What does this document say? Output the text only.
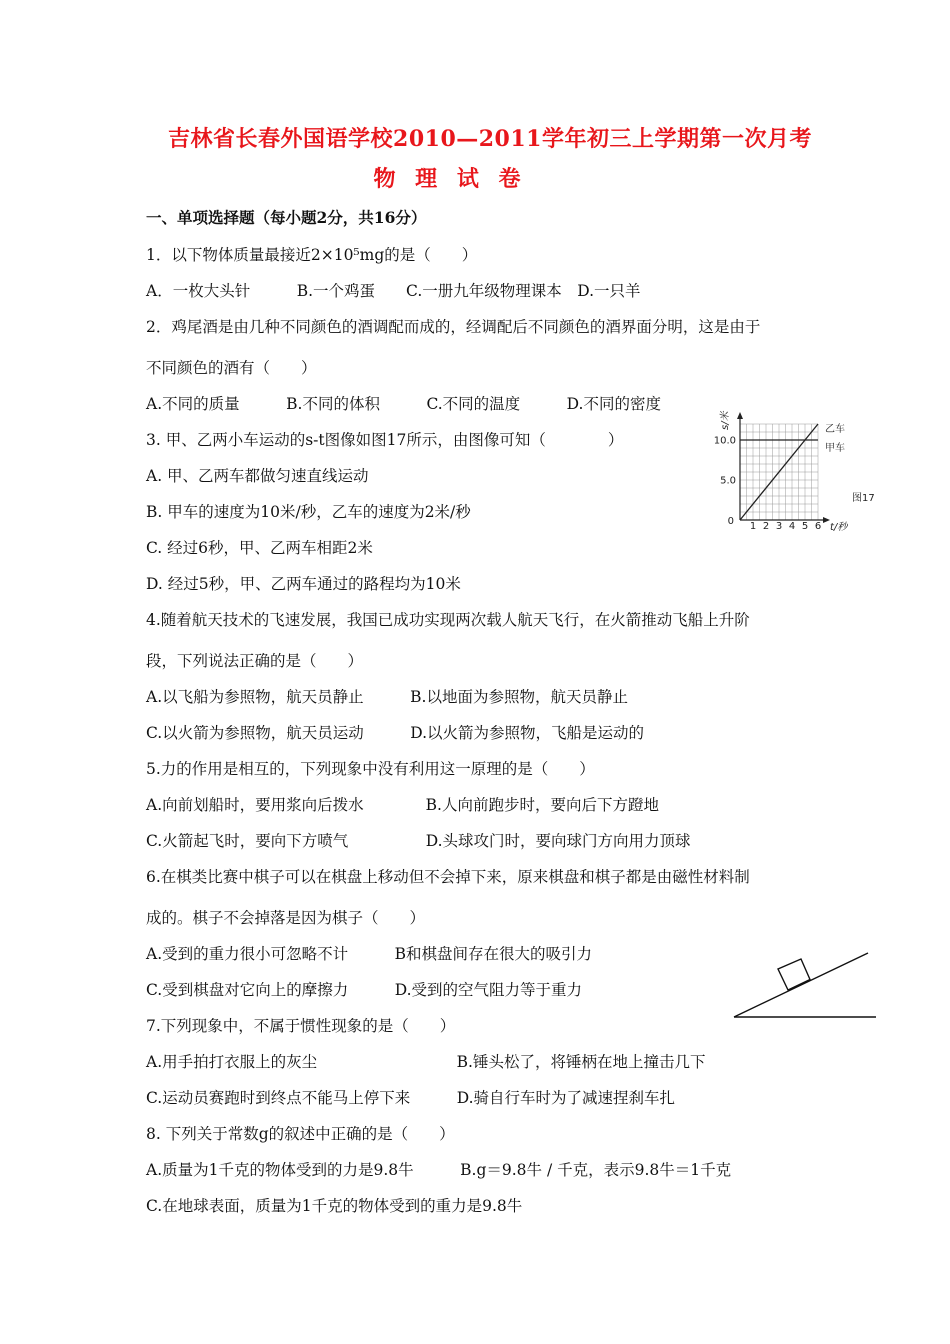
吉林省长春外国语学校2010—2011学年初三上学期第一次月考
物 理 试 卷
一、单项选择题（每小题2分，共16分）
1．以下物体质量最接近2×10⁵mg的是（　　）
A．一枚大头针　　　B.一个鸡蛋　　C.一册九年级物理课本　D.一只羊
2．鸡尾酒是由几种不同颜色的酒调配而成的，经调配后不同颜色的酒界面分明，这是由于
不同颜色的酒有（　　）
A.不同的质量　　　B.不同的体积　　　C.不同的温度　　　D.不同的密度
3. 甲、乙两小车运动的s-t图像如图17所示，由图像可知（　　　　）
A. 甲、乙两车都做匀速直线运动
B. 甲车的速度为10米/秒，乙车的速度为2米/秒
C. 经过6秒，甲、乙两车相距2米
D. 经过5秒，甲、乙两车通过的路程均为10米
4.随着航天技术的飞速发展，我国已成功实现两次载人航天飞行，在火箭推动飞船上升阶
段，下列说法正确的是（　　）
A.以飞船为参照物，航天员静止　　　B.以地面为参照物，航天员静止
C.以火箭为参照物，航天员运动　　　D.以火箭为参照物，飞船是运动的
5.力的作用是相互的，下列现象中没有利用这一原理的是（　　）
A.向前划船时，要用浆向后拨水　　　　B.人向前跑步时，要向后下方蹬地
C.火箭起飞时，要向下方喷气　　　　　D.头球攻门时，要向球门方向用力顶球
6.在棋类比赛中棋子可以在棋盘上移动但不会掉下来，原来棋盘和棋子都是由磁性材料制
成的。棋子不会掉落是因为棋子（　　）
A.受到的重力很小可忽略不计　　　B和棋盘间存在很大的吸引力
C.受到棋盘对它向上的摩擦力　　　D.受到的空气阻力等于重力
7.下列现象中，不属于惯性现象的是（　　）
A.用手拍打衣服上的灰尘　　　　　　　　　B.锤头松了，将锤柄在地上撞击几下
C.运动员赛跑时到终点不能马上停下来　　　D.骑自行车时为了减速捏刹车扎
8. 下列关于常数g的叙述中正确的是（　　）
A.质量为1千克的物体受到的力是9.8牛　　　B.g＝9.8牛 / 千克，表示9.8牛＝1千克
C.在地球表面，质量为1千克的物体受到的重力是9.8牛
s/米
10.0
5.0
0 1 2 3 4 5 6 t/秒
乙车
甲车
图17
